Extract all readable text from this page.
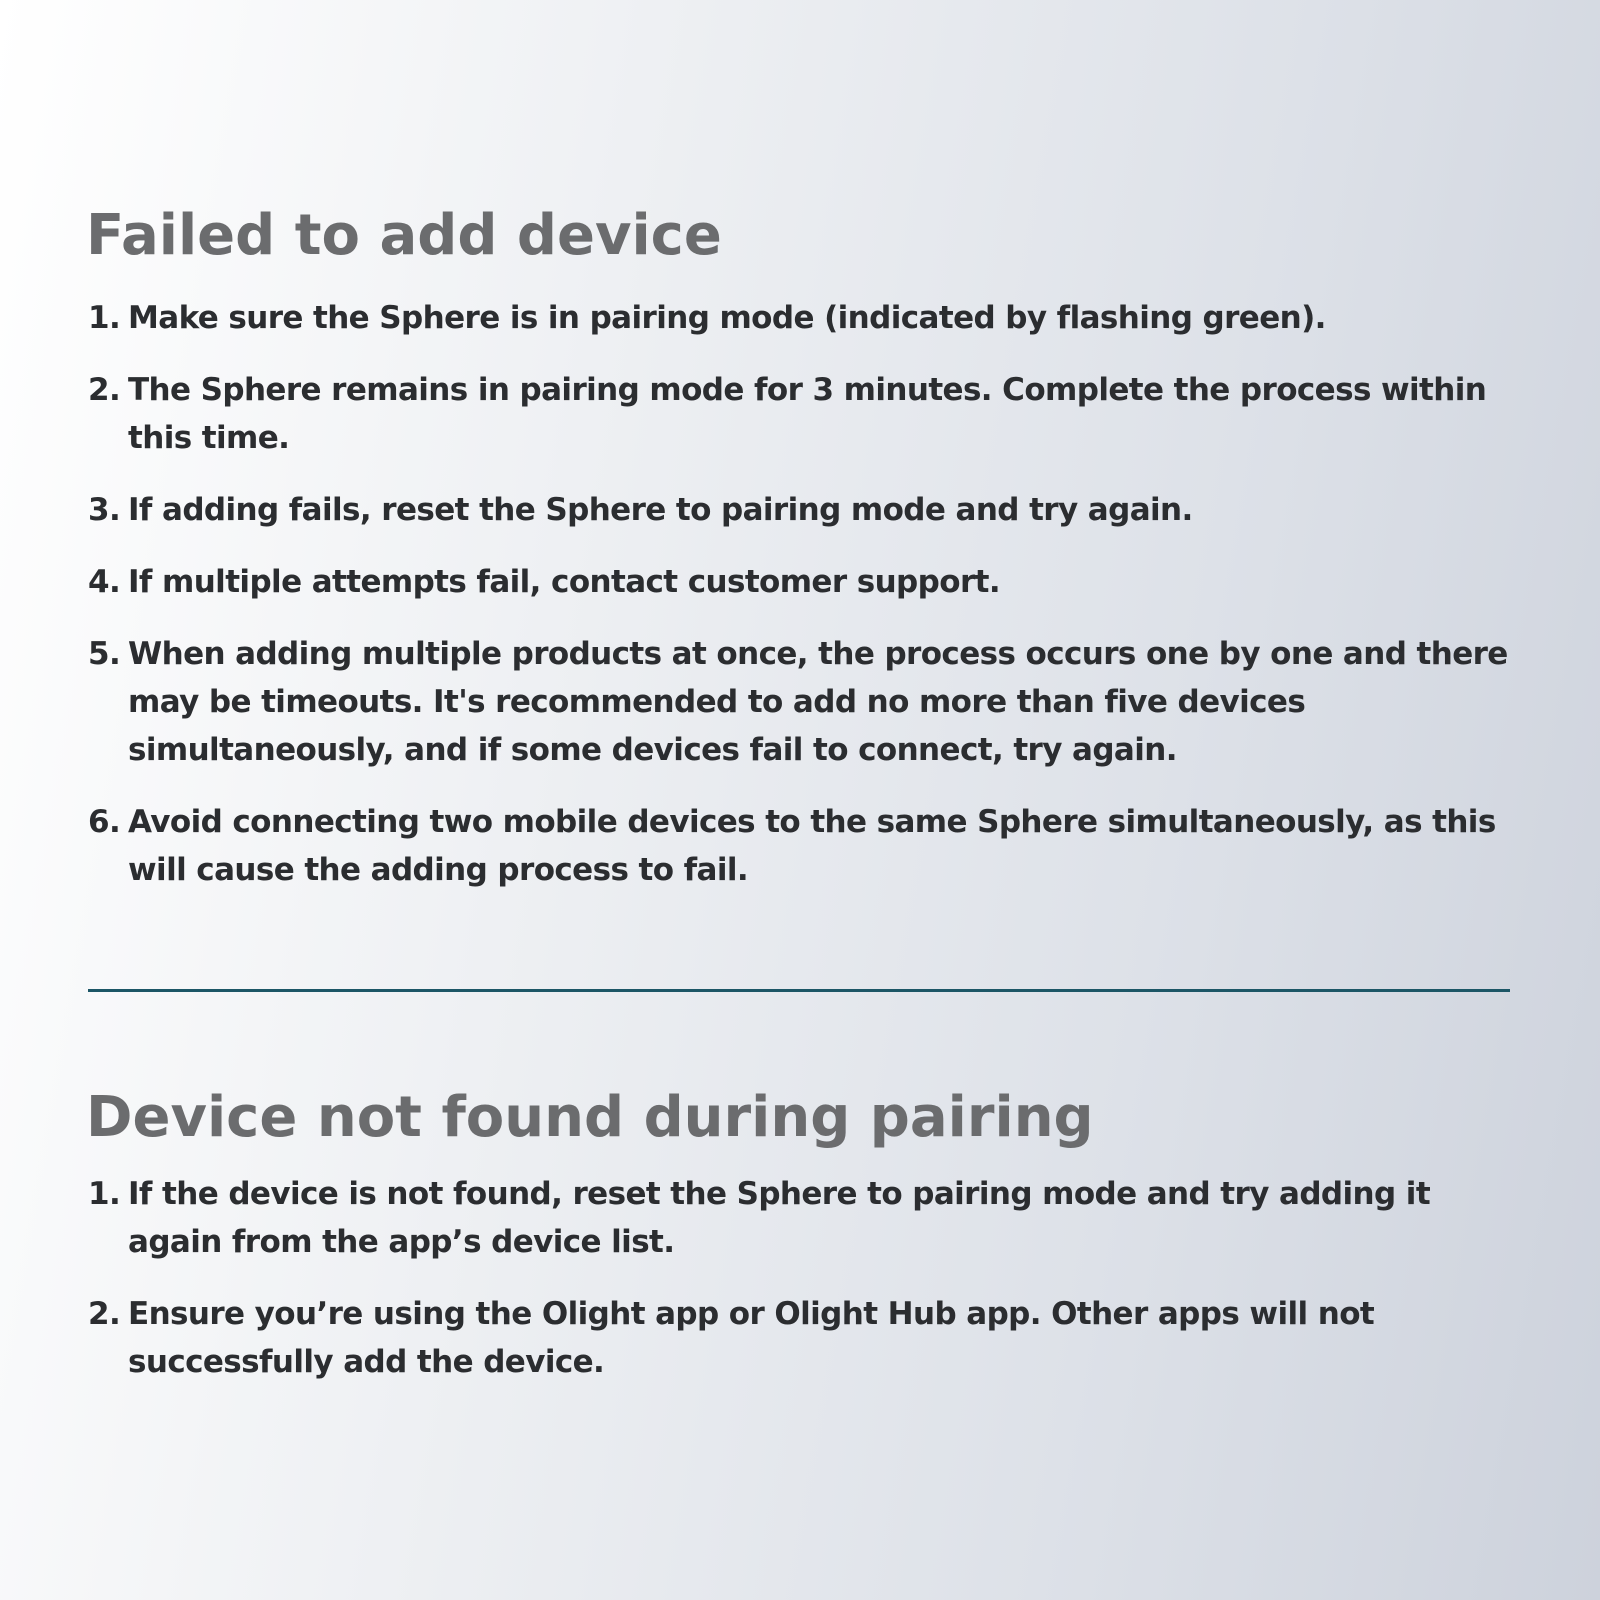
Failed to add device
1. Make sure the Sphere is in pairing mode (indicated by flashing green).
2. The Sphere remains in pairing mode for 3 minutes. Complete the process within this time.
3. If adding fails, reset the Sphere to pairing mode and try again.
4. If multiple attempts fail, contact customer support.
5. When adding multiple products at once, the process occurs one by one and there may be timeouts. It's recommended to add no more than five devices simultaneously, and if some devices fail to connect, try again.
6. Avoid connecting two mobile devices to the same Sphere simultaneously, as this will cause the adding process to fail.
Device not found during pairing
1. If the device is not found, reset the Sphere to pairing mode and try adding it again from the app’s device list.
2. Ensure you’re using the Olight app or Olight Hub app. Other apps will not successfully add the device.
